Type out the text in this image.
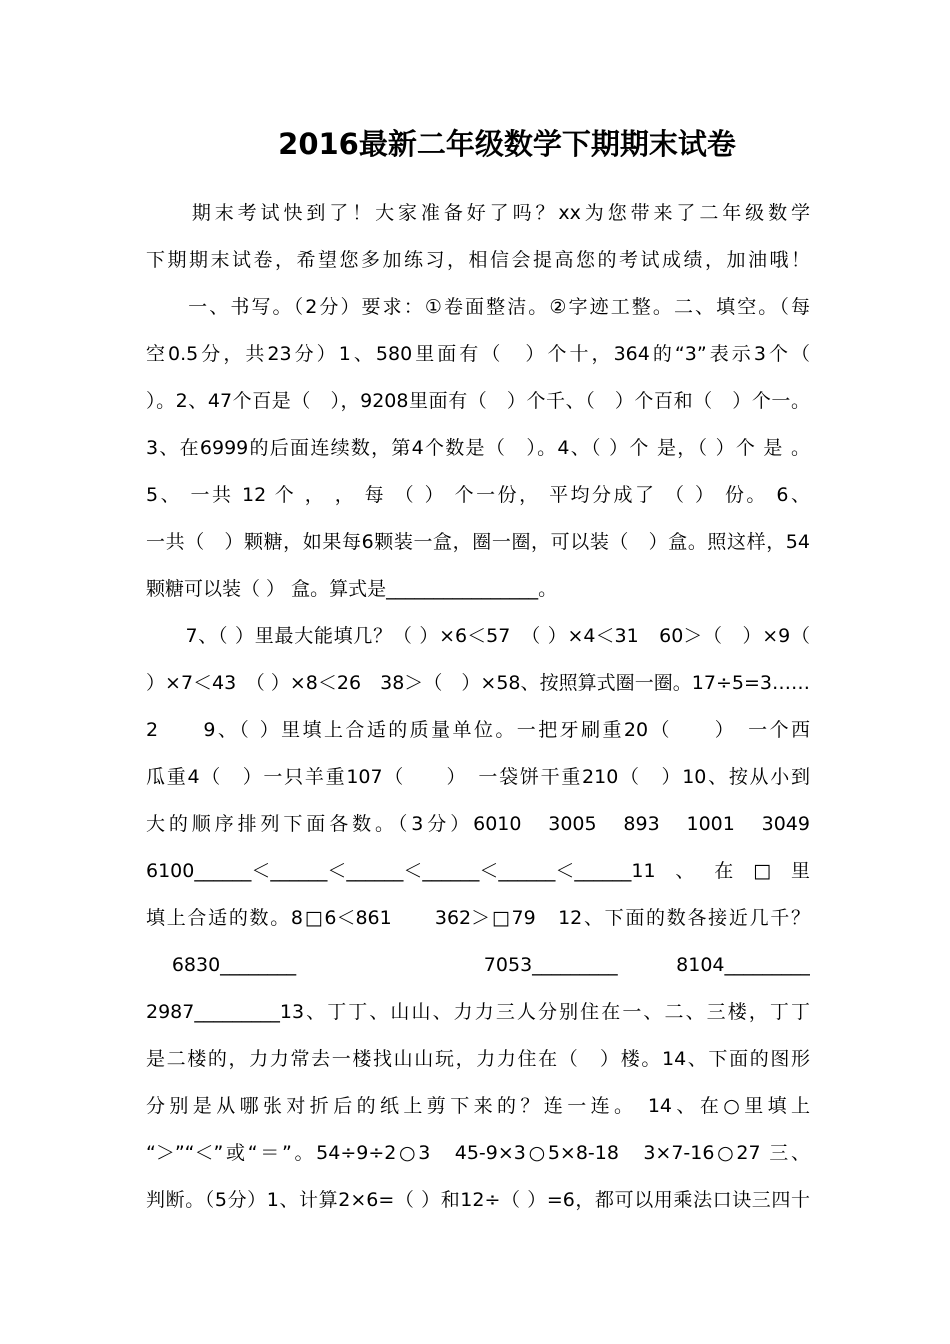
2016最新二年级数学下期期末试卷
　　期末考试快到了！大家准备好了吗？xx为您带来了二年级数学
下期期末试卷，希望您多加练习，相信会提高您的考试成绩，加油哦！
　　一、书写。（2分）要求：①卷面整洁。②字迹工整。二、填空。（每
空0.5分，共23分）1、580里面有（　）个十，364的“3”表示3个（
）。2、47个百是（　），9208里面有（　）个千、（　）个百和（　）个一。
3、在6999的后面连续数，第4个数是（　）。4、（ ）个 是，（ ）个 是 。
5、 一共 12 个 ， ， 每 （ ） 个一份， 平均分成了 （ ） 份。 6、
一共（　）颗糖，如果每6颗装一盒，圈一圈，可以装（　）盒。照这样，54
颗糖可以装（ ） 盒。算式是________________。
　　7、（ ）里最大能填几？（ ）×6＜57　（ ）×4＜31　60＞（　）×9（
）×7＜43　（ ）×8＜26　38＞（　）×58、按照算式圈一圈。17÷5=3……
2　　9、（ ）里填上合适的质量单位。一把牙刷重20（　　）　一个西
瓜重4（　）一只羊重107（　　）　一袋饼干重210（　）10、按从小到
大的顺序排列下面各数。（3分）6010　3005　893　1001　3049
6100______＜______＜______＜______＜______＜______11、在□里
填上合适的数。8□6＜861　　362＞□79　12、下面的数各接近几千？
　6830________　　　　　　　7053_________　　8104_________
2987_________13、丁丁、山山、力力三人分别住在一、二、三楼，丁丁
是二楼的，力力常去一楼找山山玩，力力住在（　）楼。14、下面的图形
分别是从哪张对折后的纸上剪下来的？连一连。 14、在○里填上
“＞”“＜”或“＝”。54÷9÷2○3　45-9×3○5×8-18　3×7-16○27 三、
判断。（5分）1、计算2×6=（ ）和12÷（ ）=6，都可以用乘法口诀三四十
